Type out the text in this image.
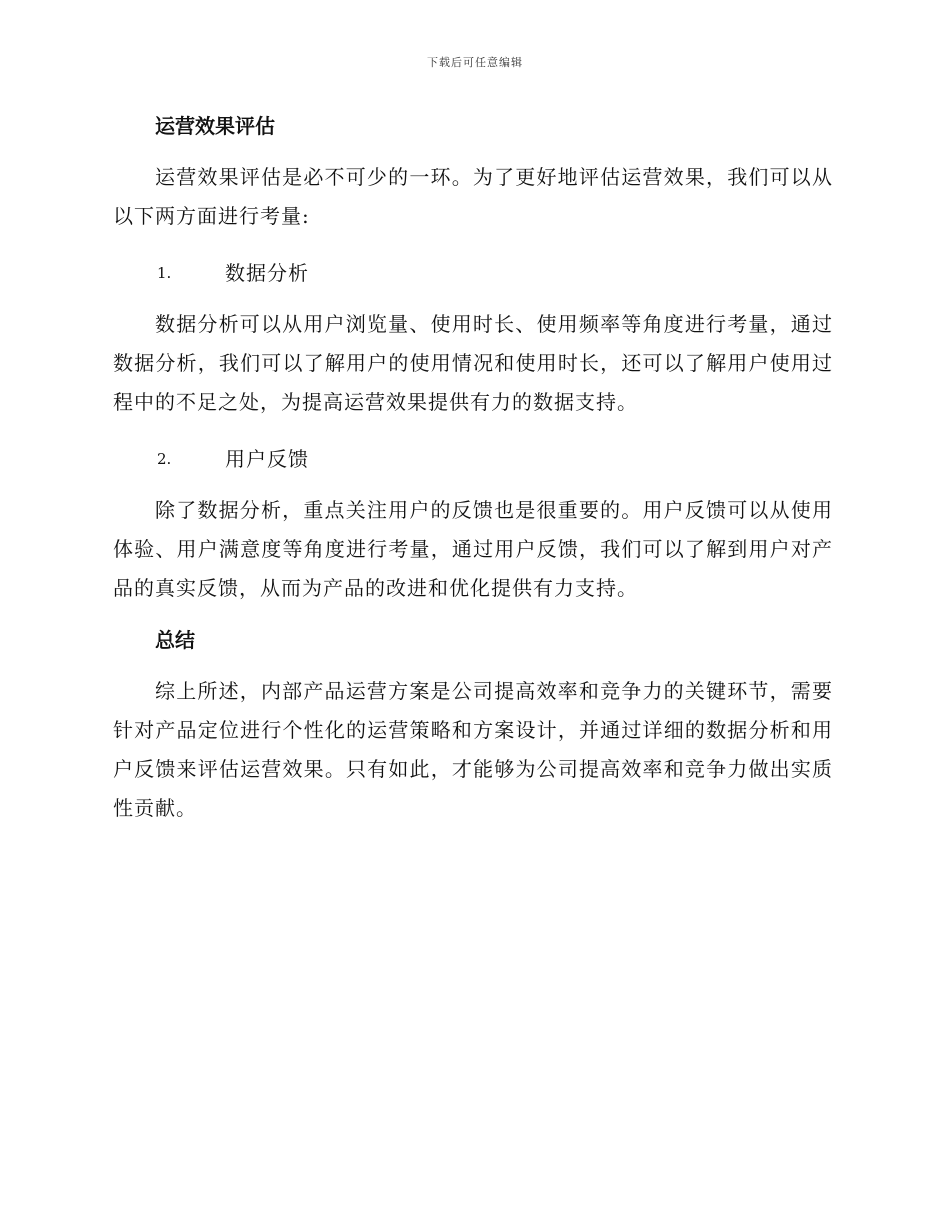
下载后可任意编辑
运营效果评估

运营效果评估是必不可少的一环。为了更好地评估运营效果，我们可以从以下两方面进行考量:

1.	数据分析

数据分析可以从用户浏览量、使用时长、使用频率等角度进行考量，通过数据分析，我们可以了解用户的使用情况和使用时长，还可以了解用户使用过程中的不足之处，为提高运营效果提供有力的数据支持。

2.	用户反馈

除了数据分析，重点关注用户的反馈也是很重要的。用户反馈可以从使用体验、用户满意度等角度进行考量，通过用户反馈，我们可以了解到用户对产品的真实反馈，从而为产品的改进和优化提供有力支持。

总结

综上所述，内部产品运营方案是公司提高效率和竞争力的关键环节，需要针对产品定位进行个性化的运营策略和方案设计，并通过详细的数据分析和用户反馈来评估运营效果。只有如此，才能够为公司提高效率和竞争力做出实质性贡献。
